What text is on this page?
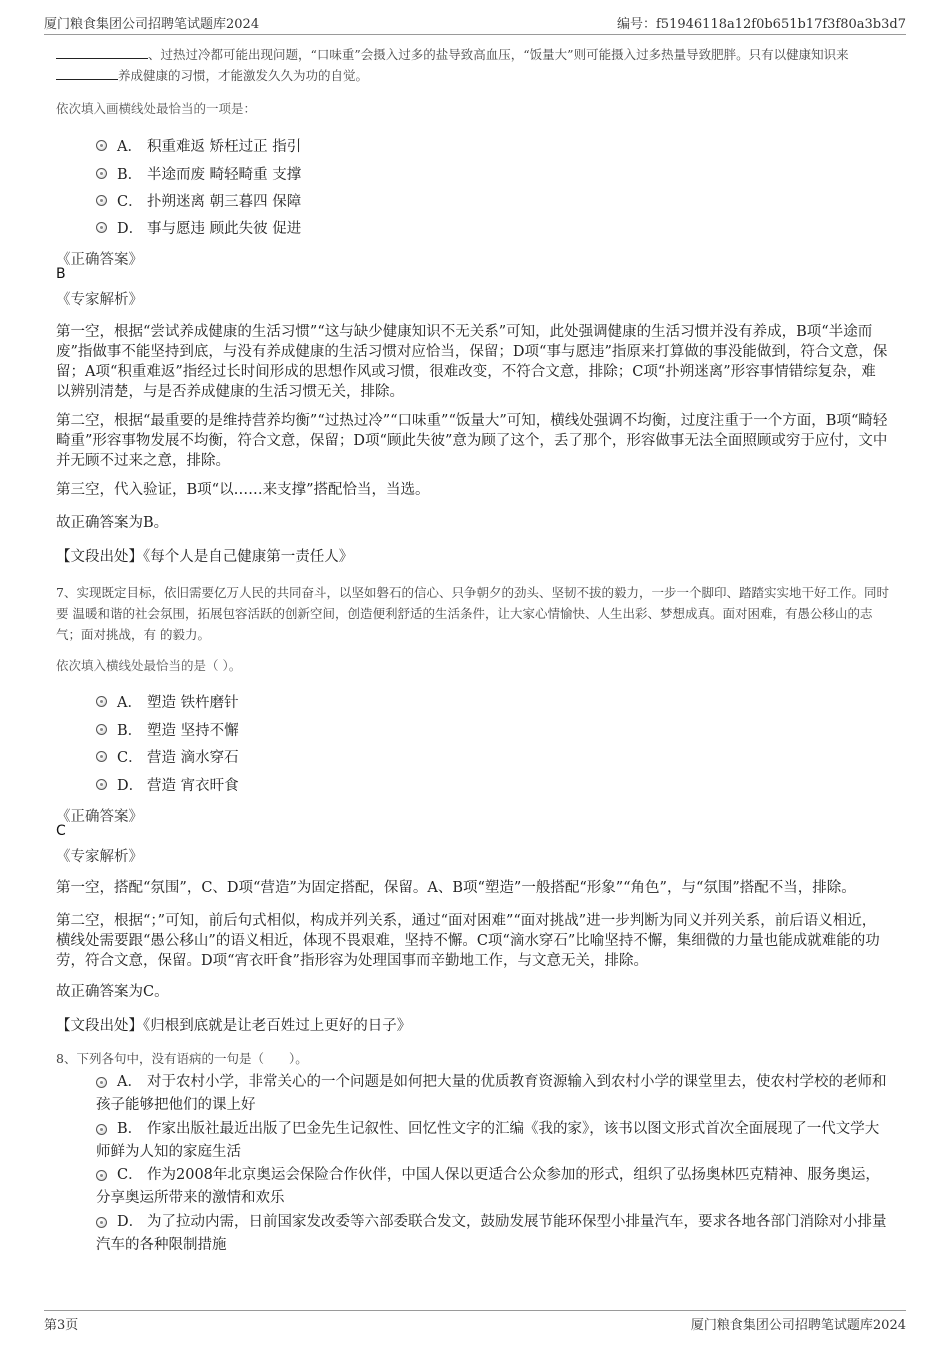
厦门粮食集团公司招聘笔试题库2024	编号：f51946118a12f0b651b17f3f80a3b3d7

、过热过冷都可能出现问题，“口味重”会摄入过多的盐导致高血压，“饭量大”则可能摄入过多热量导致肥胖。只有以健康知识来养成健康的习惯，才能激发久久为功的自觉。

依次填入画横线处最恰当的一项是：

A． 积重难返 矫枉过正 指引
B． 半途而废 畸轻畸重 支撑
C． 扑朔迷离 朝三暮四 保障
D． 事与愿违 顾此失彼 促进
《正确答案》
B
《专家解析》

第一空，根据“尝试养成健康的生活习惯”“这与缺少健康知识不无关系”可知，此处强调健康的生活习惯并没有养成，B项“半途而废”指做事不能坚持到底，与没有养成健康的生活习惯对应恰当，保留；D项“事与愿违”指原来打算做的事没能做到，符合文意，保留；A项“积重难返”指经过长时间形成的思想作风或习惯，很难改变，不符合文意，排除；C项“扑朔迷离”形容事情错综复杂，难以辨别清楚，与是否养成健康的生活习惯无关，排除。

第二空，根据“最重要的是维持营养均衡”“过热过冷”“口味重”“饭量大”可知，横线处强调不均衡，过度注重于一个方面，B项“畸轻畸重”形容事物发展不均衡，符合文意，保留；D项“顾此失彼”意为顾了这个，丢了那个，形容做事无法全面照顾或穷于应付，文中并无顾不过来之意，排除。

第三空，代入验证，B项“以……来支撑”搭配恰当，当选。

故正确答案为B。

【文段出处】《每个人是自己健康第一责任人》

7、实现既定目标，依旧需要亿万人民的共同奋斗，以坚如磐石的信心、只争朝夕的劲头、坚韧不拔的毅力，一步一个脚印、踏踏实实地干好工作。同时要 温暖和谐的社会氛围，拓展包容活跃的创新空间，创造便利舒适的生活条件，让大家心情愉快、人生出彩、梦想成真。面对困难，有愚公移山的志气；面对挑战，有 的毅力。

依次填入横线处最恰当的是（ ）。

A． 塑造 铁杵磨针
B． 塑造 坚持不懈
C． 营造 滴水穿石
D． 营造 宵衣旰食
《正确答案》
C
《专家解析》

第一空，搭配“氛围”，C、D项“营造”为固定搭配，保留。A、B项“塑造”一般搭配“形象”“角色”，与“氛围”搭配不当，排除。

第二空，根据“；”可知，前后句式相似，构成并列关系，通过“面对困难”“面对挑战”进一步判断为同义并列关系，前后语义相近，横线处需要跟“愚公移山”的语义相近，体现不畏艰难，坚持不懈。C项“滴水穿石”比喻坚持不懈，集细微的力量也能成就难能的功劳，符合文意，保留。D项“宵衣旰食”指形容为处理国事而辛勤地工作，与文意无关，排除。

故正确答案为C。

【文段出处】《归根到底就是让老百姓过上更好的日子》

8、下列各句中，没有语病的一句是（　　）。

A． 对于农村小学，非常关心的一个问题是如何把大量的优质教育资源输入到农村小学的课堂里去，使农村学校的老师和孩子能够把他们的课上好
B． 作家出版社最近出版了巴金先生记叙性、回忆性文字的汇编《我的家》，该书以图文形式首次全面展现了一代文学大师鲜为人知的家庭生活
C． 作为2008年北京奥运会保险合作伙伴，中国人保以更适合公众参加的形式，组织了弘扬奥林匹克精神、服务奥运，分享奥运所带来的激情和欢乐
D． 为了拉动内需，日前国家发改委等六部委联合发文，鼓励发展节能环保型小排量汽车，要求各地各部门消除对小排量汽车的各种限制措施
第3页	厦门粮食集团公司招聘笔试题库2024
